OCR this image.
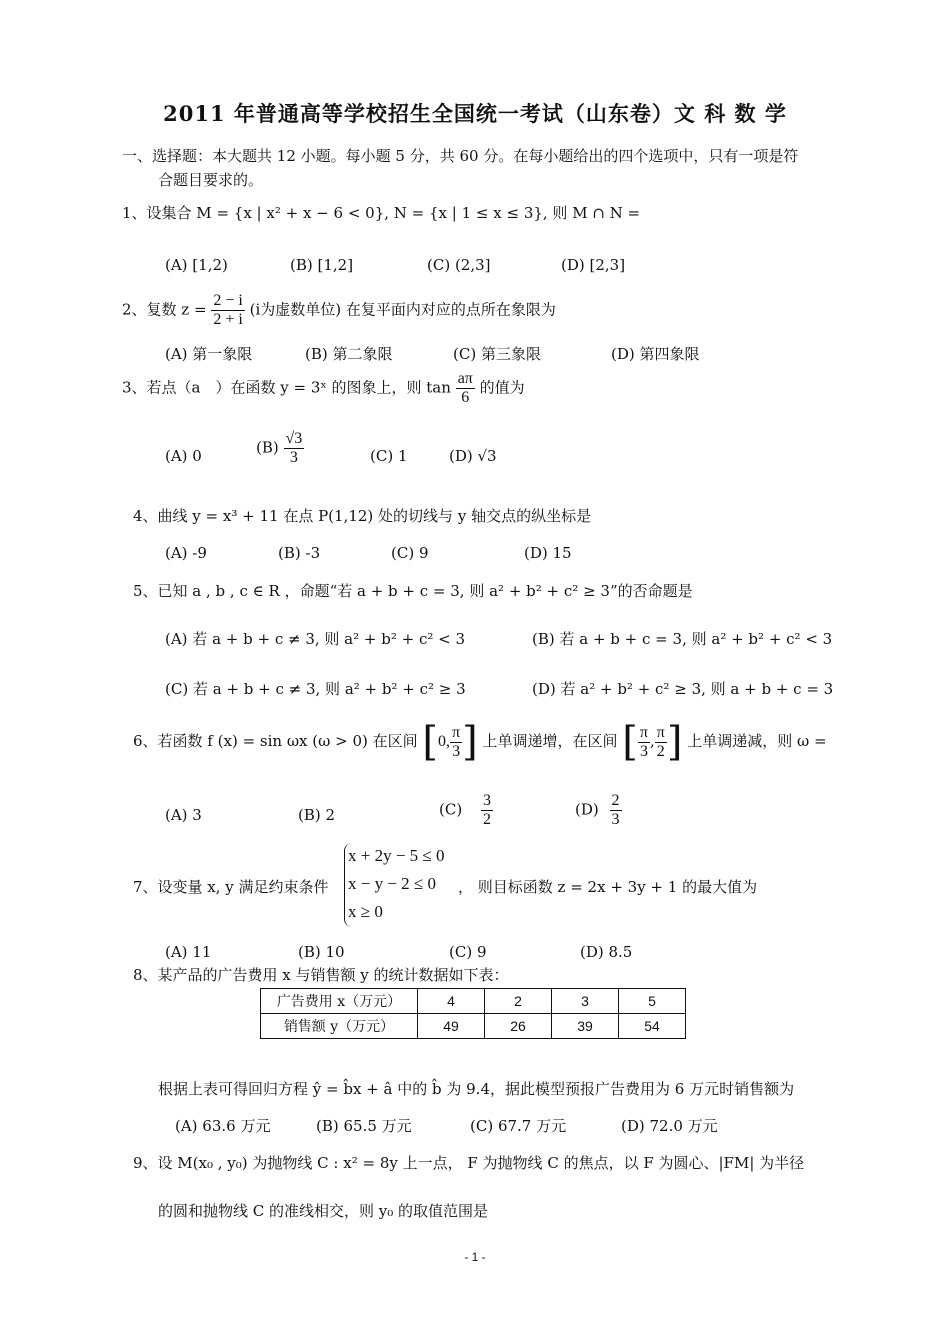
2011 年普通高等学校招生全国统一考试（山东卷）文 科 数 学
一、选择题：本大题共 12 小题。每小题 5 分，共 60 分。在每小题给出的四个选项中，只有一项是符
合题目要求的。
1、设集合 M = {x | x² + x − 6 < 0}, N = {x | 1 ≤ x ≤ 3}, 则 M ∩ N =
(A) [1,2)	(B) [1,2]	(C) (2,3]	(D) [2,3]
2、复数 $z = \frac{2 - i}{2 + i} (i$为虚数单位) 在复平面内对应的点所在象限为
(A) 第一象限	(B) 第二象限	(C) 第三象限	(D) 第四象限
3、若点（a　）在函数 y = 3ˣ 的图象上，则 $\tan \frac{a\pi}{6}$ 的值为
(A) 0	$(B) \frac{√3}{3}$	(C) 1	(D) √3
4、曲线 y = x³ + 11 在点 P(1,12) 处的切线与 y 轴交点的纵坐标是
(A) -9	(B) -3	(C) 9	(D) 15
5、已知 a , b , c ∈ R ，命题“若 a + b + c = 3, 则 a² + b² + c² ≥ 3”的否命题是
(A) 若 a + b + c ≠ 3, 则 a² + b² + c² < 3	(B) 若 a + b + c = 3, 则 a² + b² + c² < 3
(C) 若 a + b + c ≠ 3, 则 a² + b² + c² ≥ 3	(D) 若 a² + b² + c² ≥ 3, 则 a + b + c = 3
6、若函数 f (x) = sin ωx (ω > 0) 在区间 [0, $\frac{\pi}{3}$ ] 上单调递增，在区间 [ $\frac{\pi}{3}$ , $\frac{\pi}{2}$ ] 上单调递减，则 ω =
(A) 3	(B) 2	$(C) \frac{3}{2}$	$(D) \frac{2}{3}$
7、设变量 x, y 满足约束条件
x + 2y − 5 ≤ 0
x − y − 2 ≤ 0
x ≥ 0
， 则目标函数 z = 2x + 3y + 1 的最大值为
(A) 11	(B) 10	(C) 9	(D) 8.5
8、某产品的广告费用 x 与销售额 y 的统计数据如下表：
广告费用 x（万元）	4	2	3	5
销售额 y（万元）	49	26	39	54
根据上表可得回归方程 ŷ = b̂x + â 中的 b̂ 为 9.4，据此模型预报广告费用为 6 万元时销售额为
(A) 63.6 万元	(B) 65.5 万元	(C) 67.7 万元	(D) 72.0 万元
9、设 M(x₀ , y₀) 为抛物线 C : x² = 8y 上一点， F 为抛物线 C 的焦点，以 F 为圆心、|FM| 为半径
的圆和抛物线 C 的准线相交，则 y₀ 的取值范围是
- 1 -
